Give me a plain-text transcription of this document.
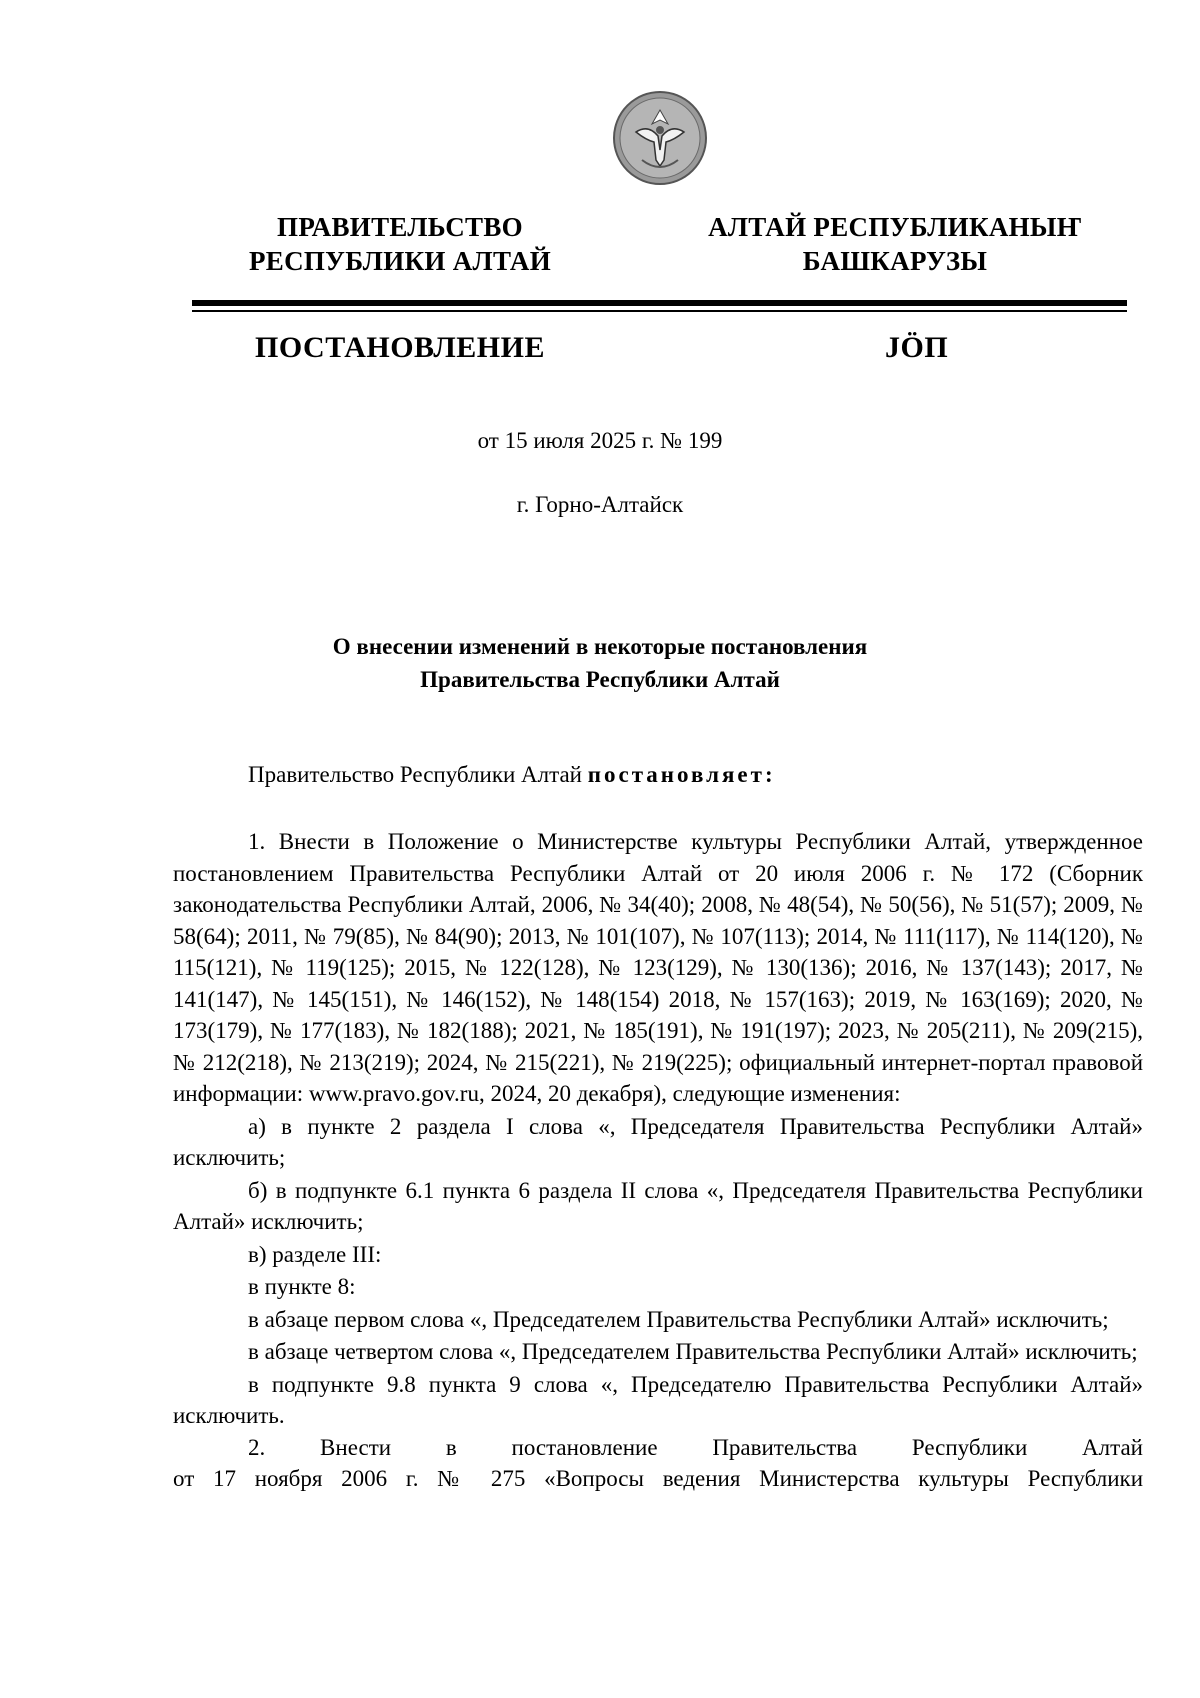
ПРАВИТЕЛЬСТВО
РЕСПУБЛИКИ АЛТАЙ
АЛТАЙ РЕСПУБЛИКАНЫҤ
БАШКАРУЗЫ
ПОСТАНОВЛЕНИЕ	JÖП
от 15 июля 2025 г. № 199
г. Горно-Алтайск
О внесении изменений в некоторые постановления
Правительства Республики Алтай
Правительство Республики Алтай постановляет:

1. Внести в Положение о Министерстве культуры Республики Алтай, утвержденное постановлением Правительства Республики Алтай от 20 июля 2006 г. № 172 (Сборник законодательства Республики Алтай, 2006, № 34(40); 2008, № 48(54), № 50(56), № 51(57); 2009, № 58(64); 2011, № 79(85), № 84(90); 2013, № 101(107), № 107(113); 2014, № 111(117), № 114(120), № 115(121), № 119(125); 2015, № 122(128), № 123(129), № 130(136); 2016, № 137(143); 2017, № 141(147), № 145(151), № 146(152), № 148(154) 2018, № 157(163); 2019, № 163(169); 2020, № 173(179), № 177(183), № 182(188); 2021, № 185(191), № 191(197); 2023, № 205(211), № 209(215), № 212(218), № 213(219); 2024, № 215(221), № 219(225); официальный интернет-портал правовой информации: www.pravo.gov.ru, 2024, 20 декабря), следующие изменения:

а) в пункте 2 раздела I слова «, Председателя Правительства Республики Алтай» исключить;

б) в подпункте 6.1 пункта 6 раздела II слова «, Председателя Правительства Республики Алтай» исключить;

в) разделе III:

в пункте 8:

в абзаце первом слова «, Председателем Правительства Республики Алтай» исключить;

в абзаце четвертом слова «, Председателем Правительства Республики Алтай» исключить;

в подпункте 9.8 пункта 9 слова «, Председателю Правительства Республики Алтай» исключить.

2. Внести в постановление Правительства Республики Алтай

от 17 ноября 2006 г. № 275 «Вопросы ведения Министерства культуры Республики
